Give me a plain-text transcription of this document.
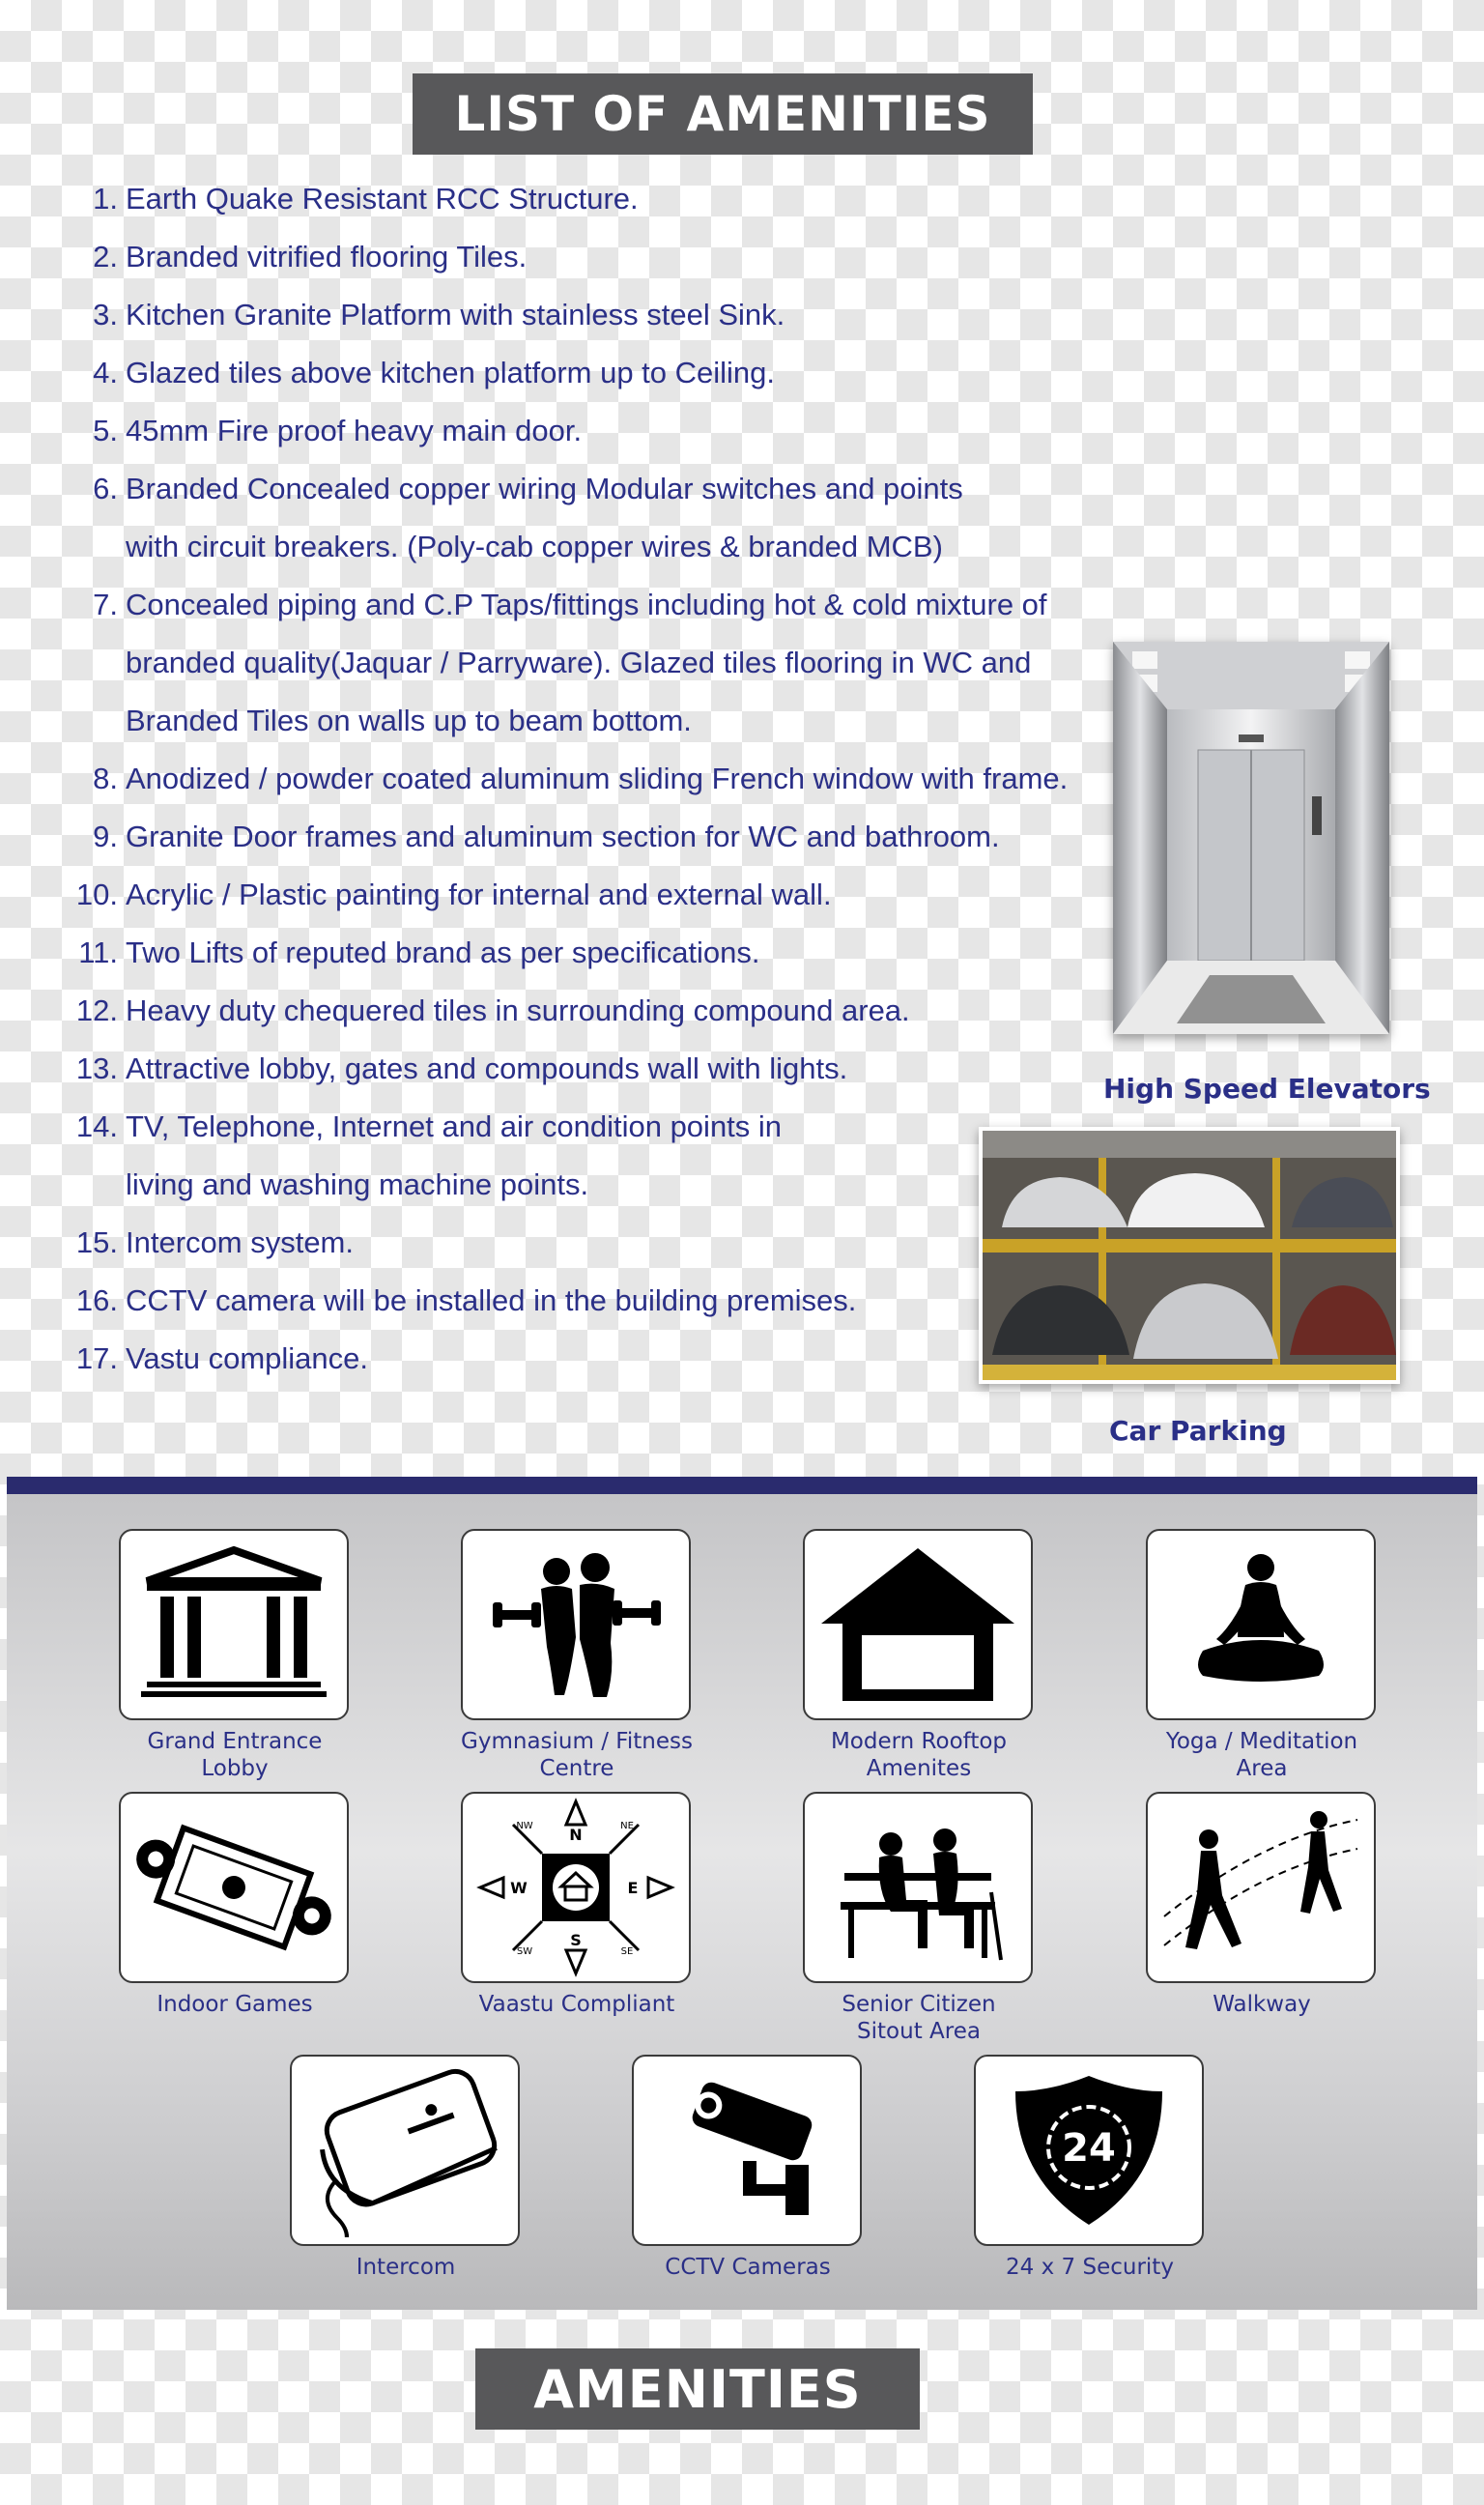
LIST OF AMENITIES
1. Earth Quake Resistant RCC Structure.
2. Branded vitrified flooring Tiles.
3. Kitchen Granite Platform with stainless steel Sink.
4. Glazed tiles above kitchen platform up to Ceiling.
5. 45mm Fire proof heavy main door.
6. Branded Concealed copper wiring Modular switches and points
with circuit breakers. (Poly-cab copper wires & branded MCB)
7. Concealed piping and C.P Taps/fittings including hot & cold mixture of
branded quality(Jaquar / Parryware). Glazed tiles flooring in WC and
Branded Tiles on walls up to beam bottom.
8. Anodized / powder coated aluminum sliding French window with frame.
9. Granite Door frames and aluminum section for WC and bathroom.
10. Acrylic / Plastic painting for internal and external wall.
11. Two Lifts of reputed brand as per specifications.
12. Heavy duty chequered tiles in surrounding compound area.
13. Attractive lobby, gates and compounds wall with lights.
14. TV, Telephone, Internet and air condition points in
living and washing machine points.
15. Intercom system.
16. CCTV camera will be installed in the building premises.
17. Vastu compliance.
High Speed Elevators
Car Parking
Grand Entrance
Lobby
Gymnasium / Fitness
Centre
Modern Rooftop
Amenites
Yoga / Meditation
Area
Indoor Games
N
S
W	E
NW	NE
SW	SE
Vaastu Compliant	Senior Citizen
Sitout Area
Walkway
Intercom	CCTV Cameras
24
24 x 7 Security
AMENITIES
